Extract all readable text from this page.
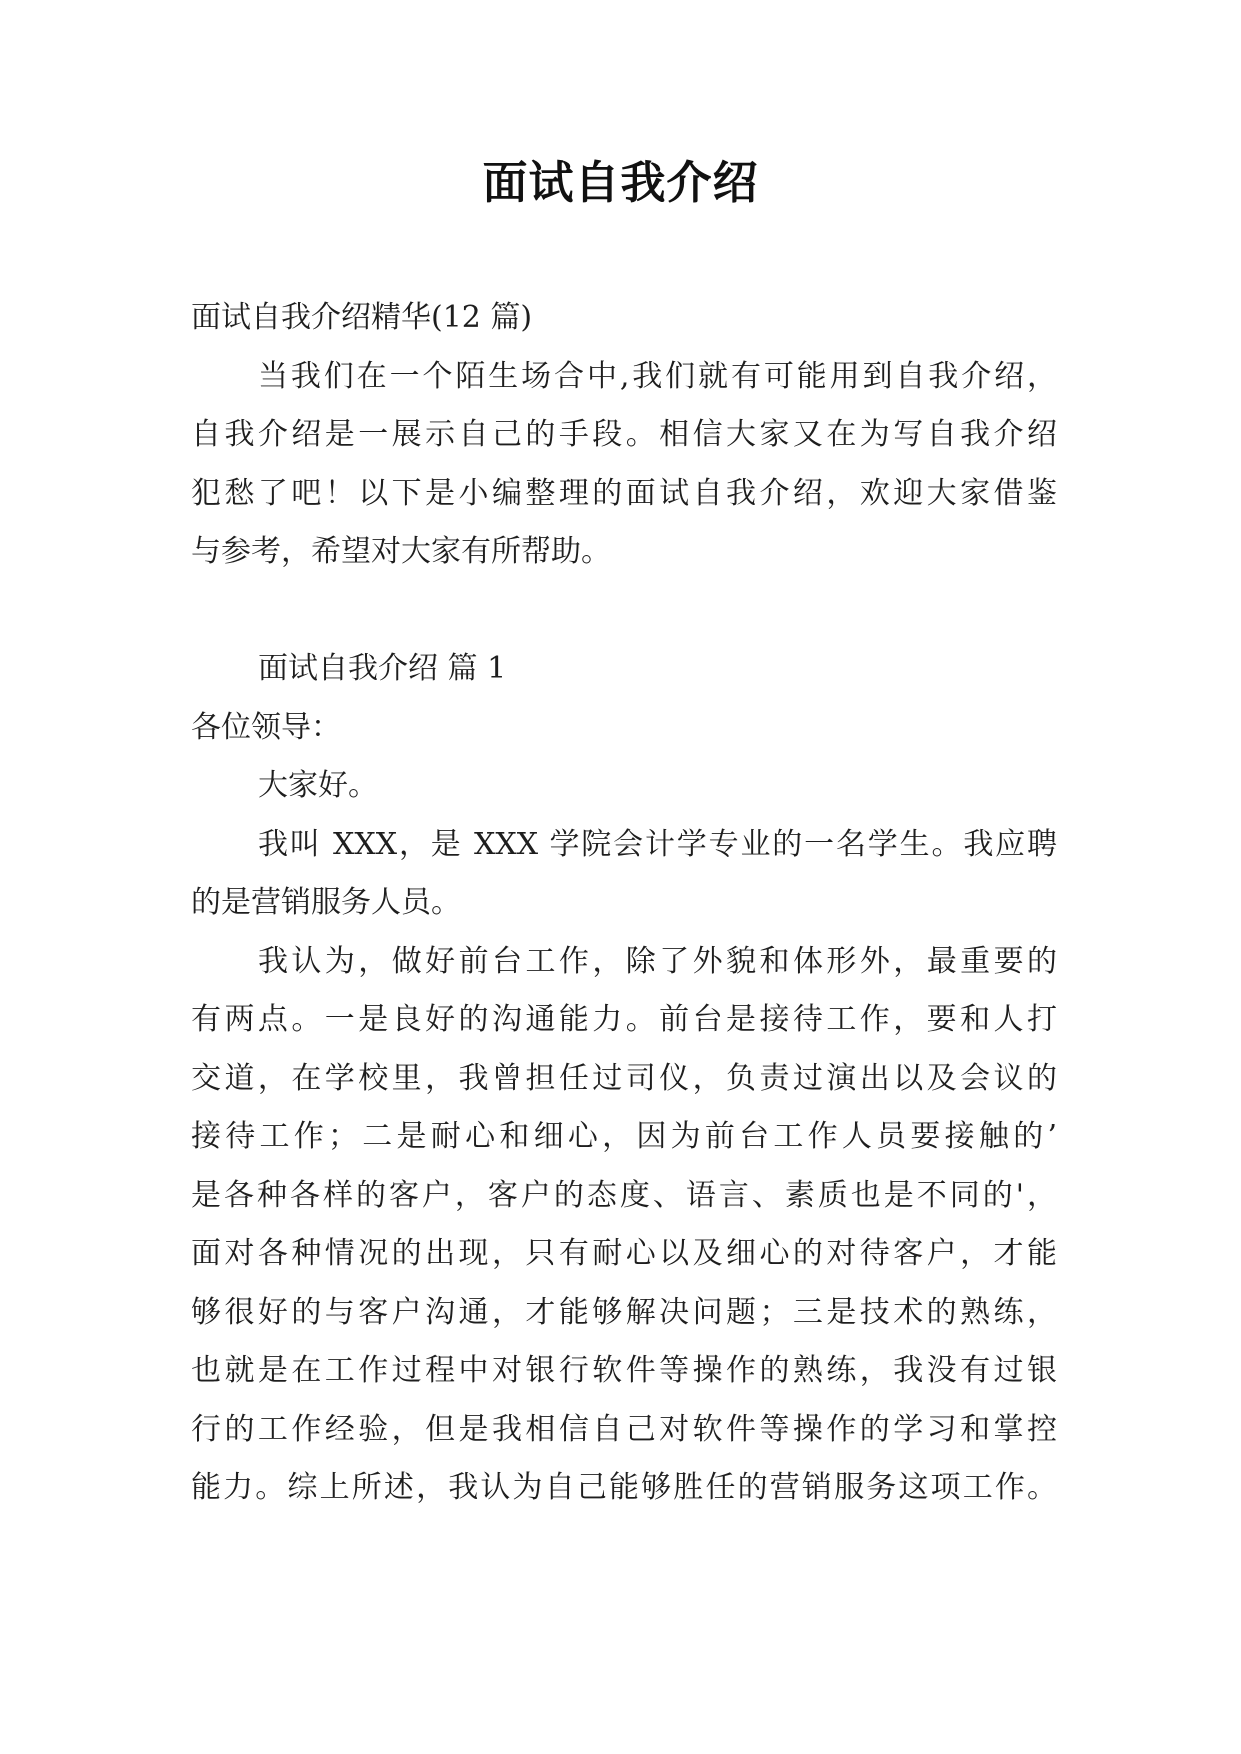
面试自我介绍
面试自我介绍精华(12 篇)
当我们在一个陌生场合中,我们就有可能用到自我介绍，
自我介绍是一展示自己的手段。相信大家又在为写自我介绍
犯愁了吧！以下是小编整理的面试自我介绍，欢迎大家借鉴
与参考，希望对大家有所帮助。
面试自我介绍 篇 1
各位领导：
大家好。
我叫 XXX，是 XXX 学院会计学专业的一名学生。我应聘
的是营销服务人员。
我认为，做好前台工作，除了外貌和体形外，最重要的
有两点。一是良好的沟通能力。前台是接待工作，要和人打
交道，在学校里，我曾担任过司仪，负责过演出以及会议的
接待工作；二是耐心和细心，因为前台工作人员要接触的’
是各种各样的客户，客户的态度、语言、素质也是不同的'，
面对各种情况的出现，只有耐心以及细心的对待客户，才能
够很好的与客户沟通，才能够解决问题；三是技术的熟练，
也就是在工作过程中对银行软件等操作的熟练，我没有过银
行的工作经验，但是我相信自己对软件等操作的学习和掌控
能力。综上所述，我认为自己能够胜任的营销服务这项工作。
